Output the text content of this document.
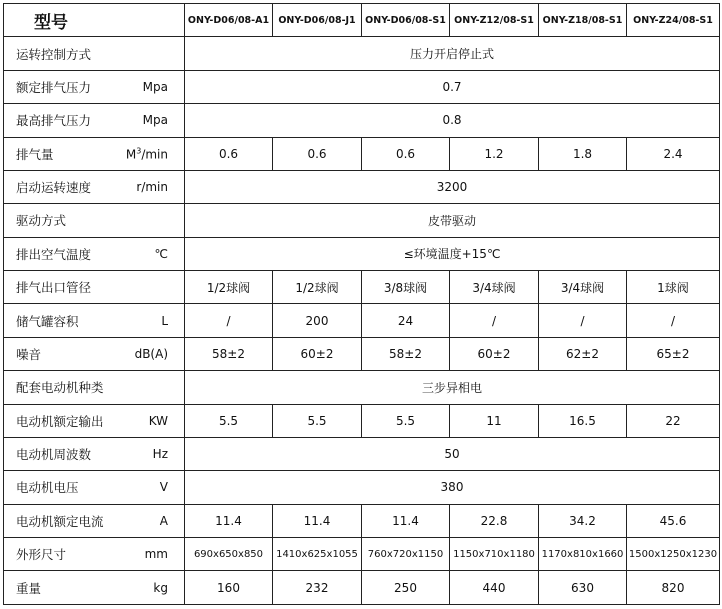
型号	ONY-D06/08-A1	ONY-D06/08-J1	ONY-D06/08-S1	ONY-Z12/08-S1	ONY-Z18/08-S1	ONY-Z24/08-S1

运转控制方式	压力开启停止式					

额定排气压力 Mpa	0.7					

最高排气压力 Mpa	0.8					

排气量 $M^3/\min$	0.6	0.6	0.6	1.2	1.8	2.4

启动运转速度 r/min	3200					

驱动方式	皮带驱动					

排出空气温度 ℃	≤环境温度+15℃					

排气出口管径	1/2球阀	1/2球阀	3/8球阀	3/4球阀	3/4球阀	1球阀

储气罐容积 L	/	200	24	/	/	/

噪音 dB(A)	58±2	60±2	58±2	60±2	62±2	65±2

配套电动机种类	三步异相电					

电动机额定输出 KW	5.5	5.5	5.5	11	16.5	22

电动机周波数 Hz	50					

电动机电压 V	380					

电动机额定电流 A	11.4	11.4	11.4	22.8	34.2	45.6

外形尺寸 mm	690x650x850	1410x625x1055	760x720x1150	1150x710x1180	1170x810x1660	1500x1250x1230

重量 kg	160	232	250	440	630	820
